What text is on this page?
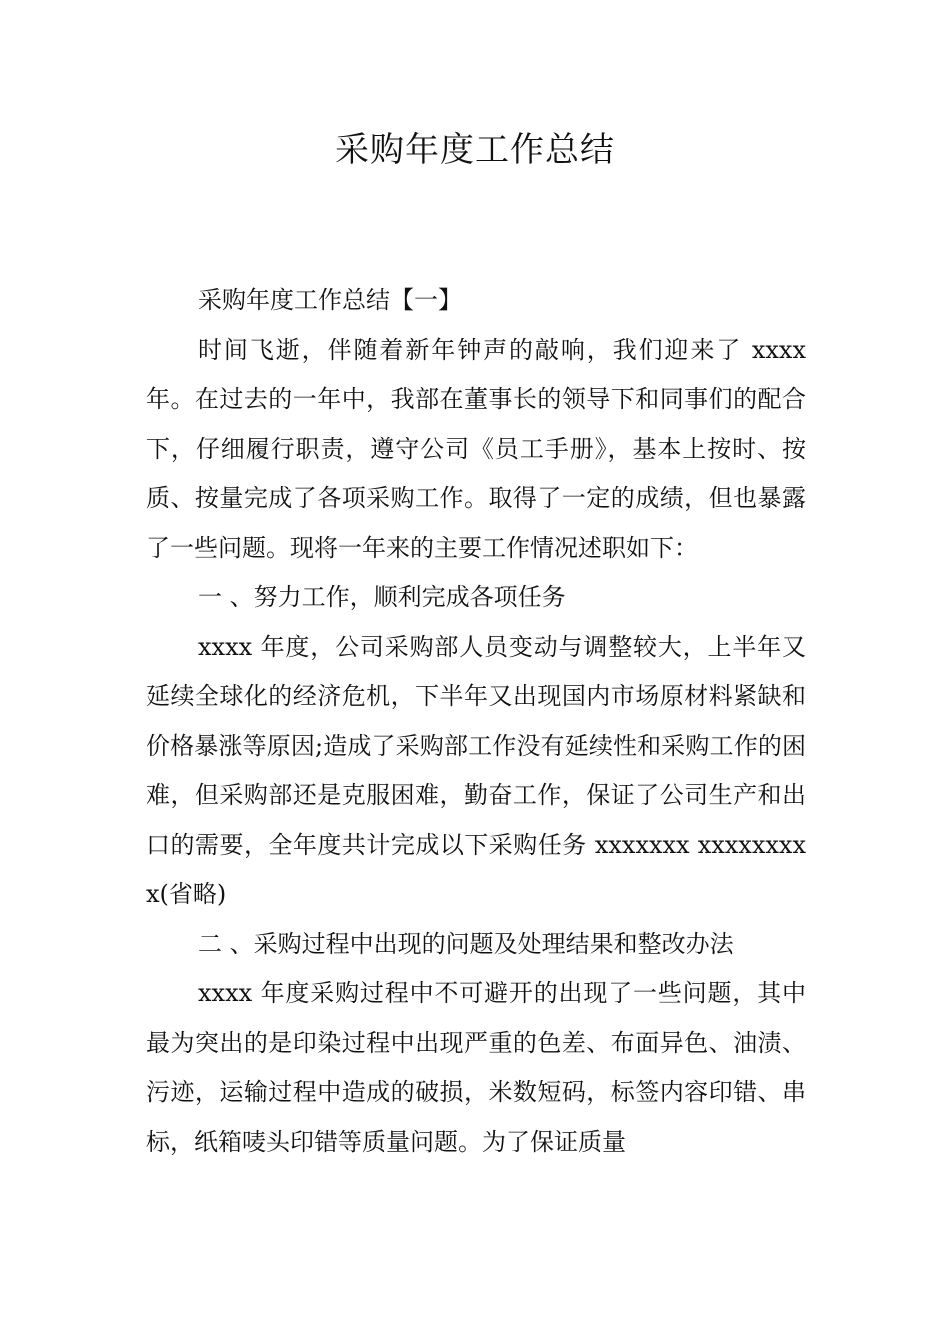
采购年度工作总结

采购年度工作总结【一】

时间飞逝，伴随着新年钟声的敲响，我们迎来了 xxxx 年。在过去的一年中，我部在董事长的领导下和同事们的配合下，仔细履行职责，遵守公司《员工手册》，基本上按时、按质、按量完成了各项采购工作。取得了一定的成绩，但也暴露了一些问题。现将一年来的主要工作情况述职如下：

一 、努力工作，顺利完成各项任务

xxxx 年度，公司采购部人员变动与调整较大，上半年又延续全球化的经济危机，下半年又出现国内市场原材料紧缺和价格暴涨等原因;造成了采购部工作没有延续性和采购工作的困难，但采购部还是克服困难，勤奋工作，保证了公司生产和出口的需要，全年度共计完成以下采购任务 xxxxxxx xxxxxxxxx(省略)

二 、采购过程中出现的问题及处理结果和整改办法

xxxx 年度采购过程中不可避开的出现了一些问题，其中最为突出的是印染过程中出现严重的色差、布面异色、油渍、污迹，运输过程中造成的破损，米数短码，标签内容印错、串标，纸箱唛头印错等质量问题。为了保证质量
